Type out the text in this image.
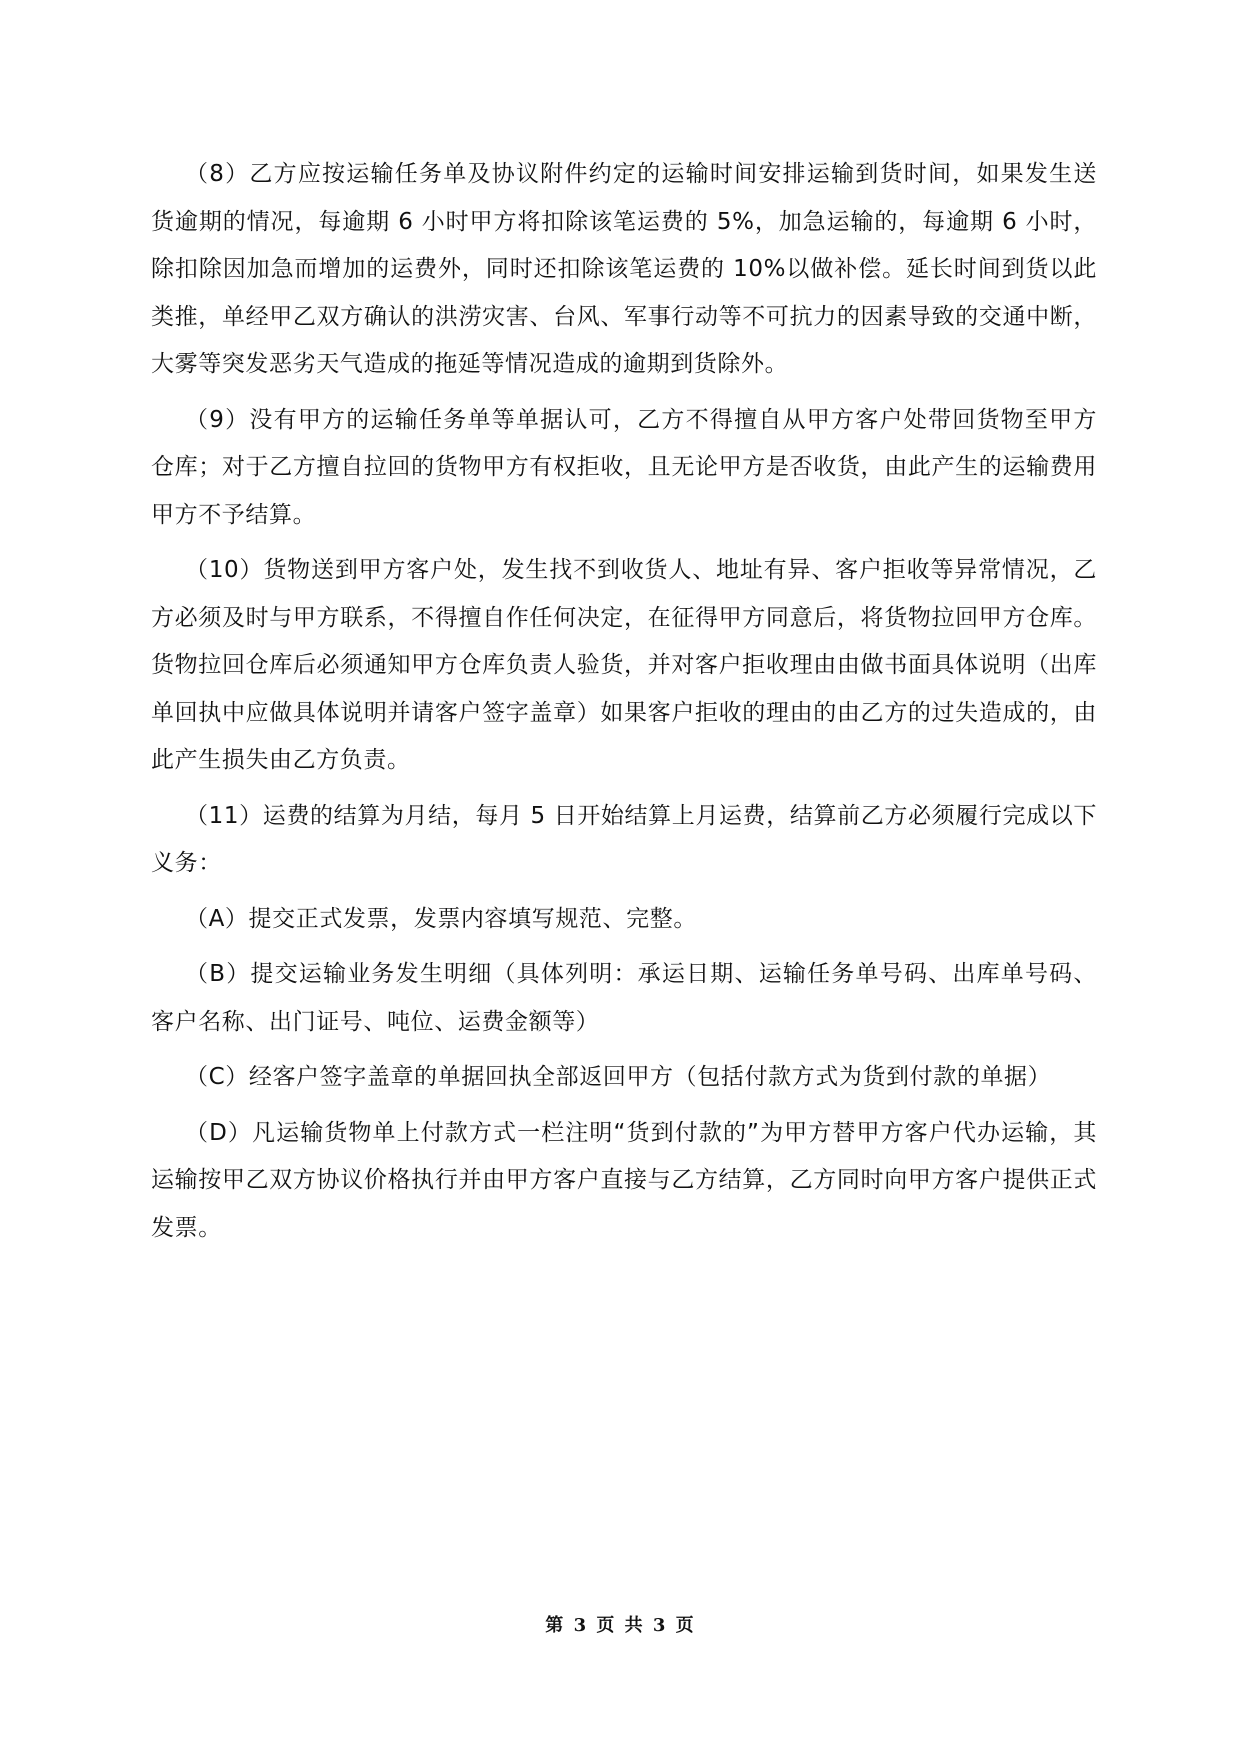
（8）乙方应按运输任务单及协议附件约定的运输时间安排运输到货时间，如果发生送货逾期的情况，每逾期 6 小时甲方将扣除该笔运费的 5%，加急运输的，每逾期 6 小时，除扣除因加急而增加的运费外，同时还扣除该笔运费的 10%以做补偿。延长时间到货以此类推，单经甲乙双方确认的洪涝灾害、台风、军事行动等不可抗力的因素导致的交通中断，大雾等突发恶劣天气造成的拖延等情况造成的逾期到货除外。

（9）没有甲方的运输任务单等单据认可，乙方不得擅自从甲方客户处带回货物至甲方仓库；对于乙方擅自拉回的货物甲方有权拒收，且无论甲方是否收货，由此产生的运输费用甲方不予结算。

（10）货物送到甲方客户处，发生找不到收货人、地址有异、客户拒收等异常情况，乙方必须及时与甲方联系，不得擅自作任何决定，在征得甲方同意后，将货物拉回甲方仓库。货物拉回仓库后必须通知甲方仓库负责人验货，并对客户拒收理由由做书面具体说明（出库单回执中应做具体说明并请客户签字盖章）如果客户拒收的理由的由乙方的过失造成的，由此产生损失由乙方负责。

（11）运费的结算为月结，每月 5 日开始结算上月运费，结算前乙方必须履行完成以下义务：

（A）提交正式发票，发票内容填写规范、完整。

（B）提交运输业务发生明细（具体列明：承运日期、运输任务单号码、出库单号码、客户名称、出门证号、吨位、运费金额等）

（C）经客户签字盖章的单据回执全部返回甲方（包括付款方式为货到付款的单据）

（D）凡运输货物单上付款方式一栏注明“货到付款的”为甲方替甲方客户代办运输，其运输按甲乙双方协议价格执行并由甲方客户直接与乙方结算，乙方同时向甲方客户提供正式发票。

第 3 页 共 3 页
